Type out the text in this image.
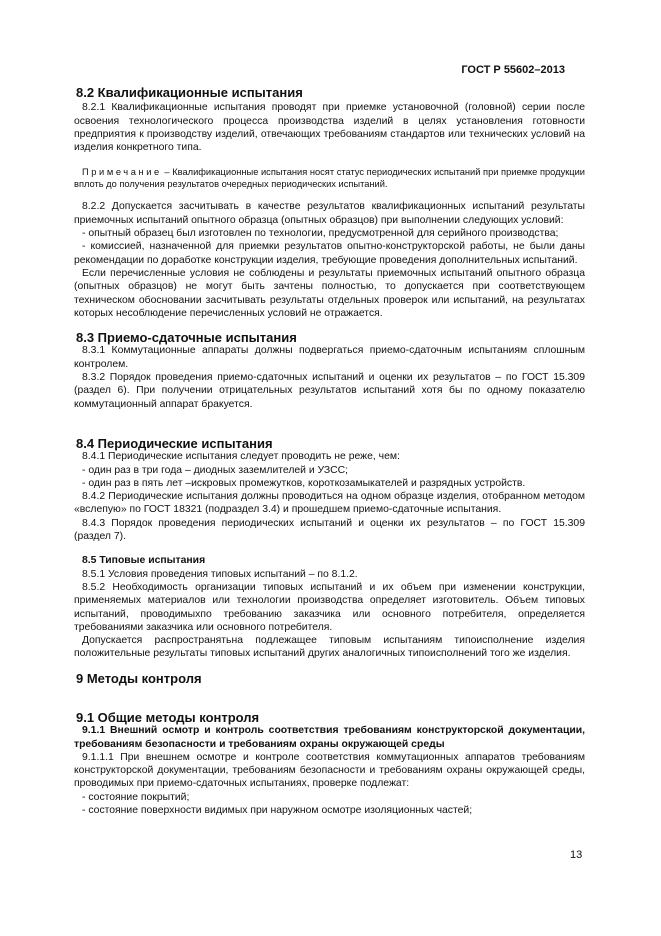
ГОСТ Р 55602–2013
8.2 Квалификационные испытания

8.2.1 Квалификационные испытания проводят при приемке установочной (головной) серии после освоения технологического процесса производства изделий в целях установления готовности предприятия к производству изделий, отвечающих требованиям стандартов или технических условий на изделия конкретного типа.

Примечание – Квалификационные испытания носят статус периодических испытаний при приемке продукции вплоть до получения результатов очередных периодических испытаний.

8.2.2 Допускается засчитывать в качестве результатов квалификационных испытаний результаты приемочных испытаний опытного образца (опытных образцов) при выполнении следующих условий:

- опытный образец был изготовлен по технологии, предусмотренной для серийного производства;

- комиссией, назначенной для приемки результатов опытно-конструкторской работы, не были даны рекомендации по доработке конструкции изделия, требующие проведения дополнительных испытаний.

Если перечисленные условия не соблюдены и результаты приемочных испытаний опытного образца (опытных образцов) не могут быть зачтены полностью, то допускается при соответствующем техническом обосновании засчитывать результаты отдельных проверок или испытаний, на результатах которых несоблюдение перечисленных условий не отражается.

8.3 Приемо-сдаточные испытания

8.3.1 Коммутационные аппараты должны подвергаться приемо-сдаточным испытаниям сплошным контролем.

8.3.2 Порядок проведения приемо-сдаточных испытаний и оценки их результатов – по ГОСТ 15.309 (раздел 6). При получении отрицательных результатов испытаний хотя бы по одному показателю коммутационный аппарат бракуется.

8.4 Периодические испытания

8.4.1 Периодические испытания следует проводить не реже, чем:

- один раз в три года – диодных заземлителей и УЗСС;

- один раз в пять лет –искровых промежутков, короткозамыкателей и разрядных устройств.

8.4.2 Периодические испытания должны проводиться на одном образце изделия, отобранном методом «вслепую» по ГОСТ 18321 (подраздел 3.4) и прошедшем приемо-сдаточные испытания.

8.4.3 Порядок проведения периодических испытаний и оценки их результатов – по ГОСТ 15.309 (раздел 7).

8.5 Типовые испытания

8.5.1 Условия проведения типовых испытаний – по 8.1.2.

8.5.2 Необходимость организации типовых испытаний и их объем при изменении конструкции, применяемых материалов или технологии производства определяет изготовитель. Объем типовых испытаний, проводимыхпо требованию заказчика или основного потребителя, определяется требованиями заказчика или основного потребителя.

Допускается распространятьна подлежащее типовым испытаниям типоисполнение изделия положительные результаты типовых испытаний других аналогичных типоисполнений того же изделия.

9 Методы контроля
9.1 Общие методы контроля

9.1.1 Внешний осмотр и контроль соответствия требованиям конструкторской документации, требованиям безопасности и требованиям охраны окружающей среды

9.1.1.1 При внешнем осмотре и контроле соответствия коммутационных аппаратов требованиям конструкторской документации, требованиям безопасности и требованиям охраны окружающей среды, проводимых при приемо-сдаточных испытаниях, проверке подлежат:

- состояние покрытий;

- состояние поверхности видимых при наружном осмотре изоляционных частей;

13
